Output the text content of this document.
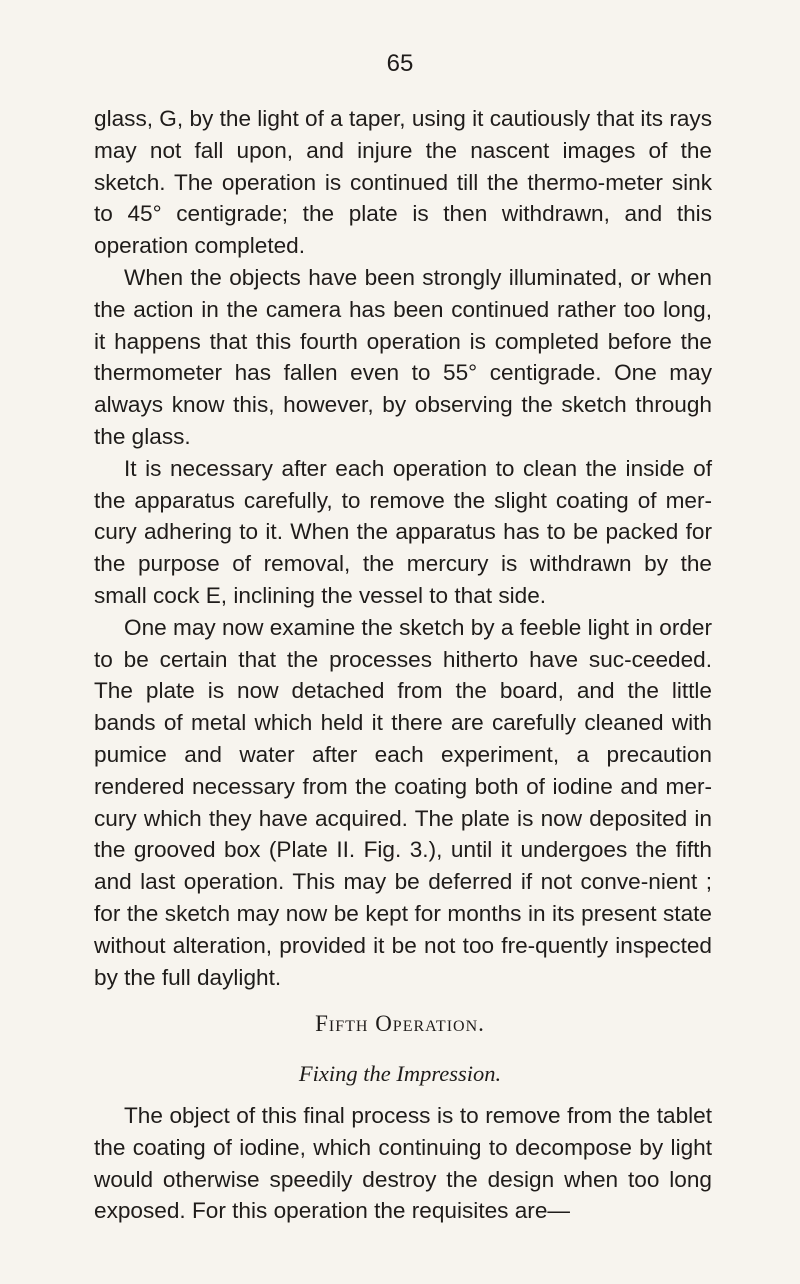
65

glass, G, by the light of a taper, using it cautiously that its rays may not fall upon, and injure the nascent images of the sketch. The operation is continued till the thermo-meter sink to 45° centigrade; the plate is then withdrawn, and this operation completed.

When the objects have been strongly illuminated, or when the action in the camera has been continued rather too long, it happens that this fourth operation is completed before the thermometer has fallen even to 55° centigrade. One may always know this, however, by observing the sketch through the glass.

It is necessary after each operation to clean the inside of the apparatus carefully, to remove the slight coating of mer-cury adhering to it. When the apparatus has to be packed for the purpose of removal, the mercury is withdrawn by the small cock E, inclining the vessel to that side.

One may now examine the sketch by a feeble light in order to be certain that the processes hitherto have suc-ceeded. The plate is now detached from the board, and the little bands of metal which held it there are carefully cleaned with pumice and water after each experiment, a precaution rendered necessary from the coating both of iodine and mer-cury which they have acquired. The plate is now deposited in the grooved box (Plate II. Fig. 3.), until it undergoes the fifth and last operation. This may be deferred if not conve-nient ; for the sketch may now be kept for months in its present state without alteration, provided it be not too fre-quently inspected by the full daylight.

Fifth Operation.
Fixing the Impression.

The object of this final process is to remove from the tablet the coating of iodine, which continuing to decompose by light would otherwise speedily destroy the design when too long exposed. For this operation the requisites are—
